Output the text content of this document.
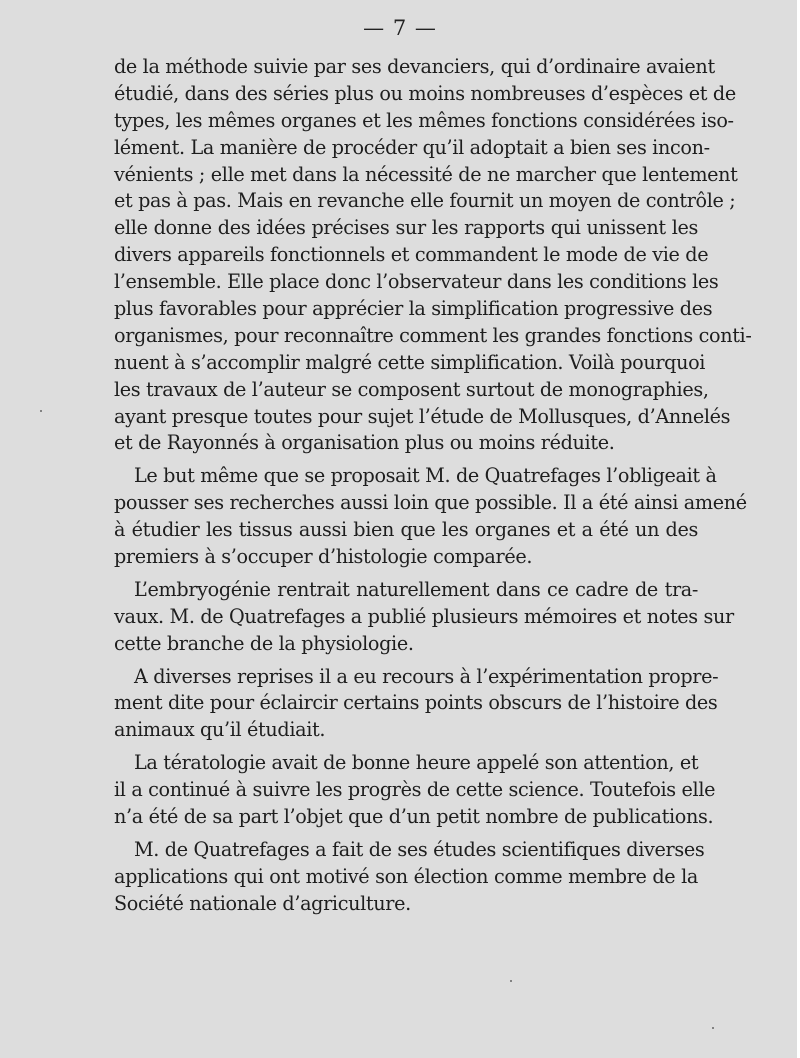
— 7 —
de la méthode suivie par ses devanciers, qui d’ordinaire avaient
étudié, dans des séries plus ou moins nombreuses d’espèces et de
types, les mêmes organes et les mêmes fonctions considérées iso-
lément. La manière de procéder qu’il adoptait a bien ses incon-
vénients ; elle met dans la nécessité de ne marcher que lentement
et pas à pas. Mais en revanche elle fournit un moyen de contrôle ;
elle donne des idées précises sur les rapports qui unissent les
divers appareils fonctionnels et commandent le mode de vie de
l’ensemble. Elle place donc l’observateur dans les conditions les
plus favorables pour apprécier la simplification progressive des
organismes, pour reconnaître comment les grandes fonctions conti-
nuent à s’accomplir malgré cette simplification. Voilà pourquoi
les travaux de l’auteur se composent surtout de monographies,
ayant presque toutes pour sujet l’étude de Mollusques, d’Annelés
et de Rayonnés à organisation plus ou moins réduite.
Le but même que se proposait M. de Quatrefages l’obligeait à
pousser ses recherches aussi loin que possible. Il a été ainsi amené
à étudier les tissus aussi bien que les organes et a été un des
premiers à s’occuper d’histologie comparée.
L’embryogénie rentrait naturellement dans ce cadre de tra-
vaux. M. de Quatrefages a publié plusieurs mémoires et notes sur
cette branche de la physiologie.
A diverses reprises il a eu recours à l’expérimentation propre-
ment dite pour éclaircir certains points obscurs de l’histoire des
animaux qu’il étudiait.
La tératologie avait de bonne heure appelé son attention, et
il a continué à suivre les progrès de cette science. Toutefois elle
n’a été de sa part l’objet que d’un petit nombre de publications.
M. de Quatrefages a fait de ses études scientifiques diverses
applications qui ont motivé son élection comme membre de la
Société nationale d’agriculture.
